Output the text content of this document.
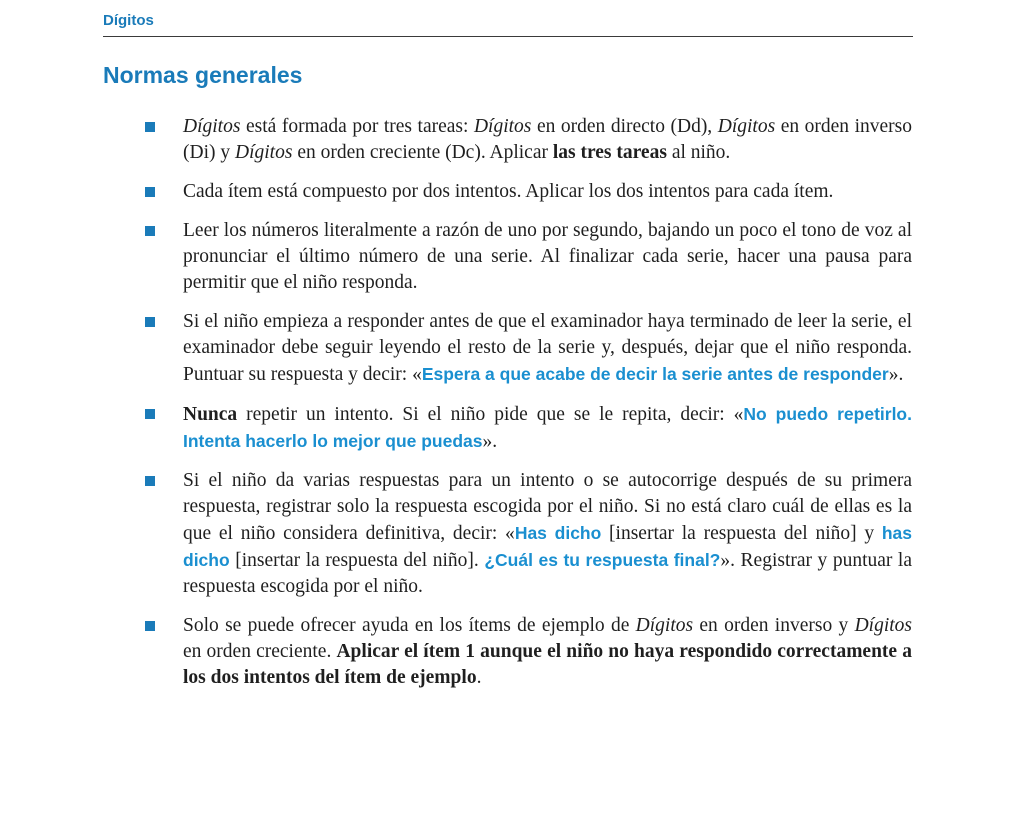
Dígitos
Normas generales
Dígitos está formada por tres tareas: Dígitos en orden directo (Dd), Dígitos en orden inverso (Di) y Dígitos en orden creciente (Dc). Aplicar las tres tareas al niño.
Cada ítem está compuesto por dos intentos. Aplicar los dos intentos para cada ítem.
Leer los números literalmente a razón de uno por segundo, bajando un poco el tono de voz al pronunciar el último número de una serie. Al finalizar cada serie, hacer una pausa para permitir que el niño responda.
Si el niño empieza a responder antes de que el examinador haya terminado de leer la serie, el examinador debe seguir leyendo el resto de la serie y, después, dejar que el niño responda. Puntuar su respuesta y decir: «Espera a que acabe de decir la serie antes de responder».
Nunca repetir un intento. Si el niño pide que se le repita, decir: «No puedo repetirlo. Intenta hacerlo lo mejor que puedas».
Si el niño da varias respuestas para un intento o se autocorrige después de su primera respuesta, registrar solo la respuesta escogida por el niño. Si no está claro cuál de ellas es la que el niño considera definitiva, decir: «Has dicho [insertar la respuesta del niño] y has dicho [insertar la respuesta del niño]. ¿Cuál es tu respuesta final?». Registrar y puntuar la respuesta escogida por el niño.
Solo se puede ofrecer ayuda en los ítems de ejemplo de Dígitos en orden inverso y Dígitos en orden creciente. Aplicar el ítem 1 aunque el niño no haya respondido correctamente a los dos intentos del ítem de ejemplo.
